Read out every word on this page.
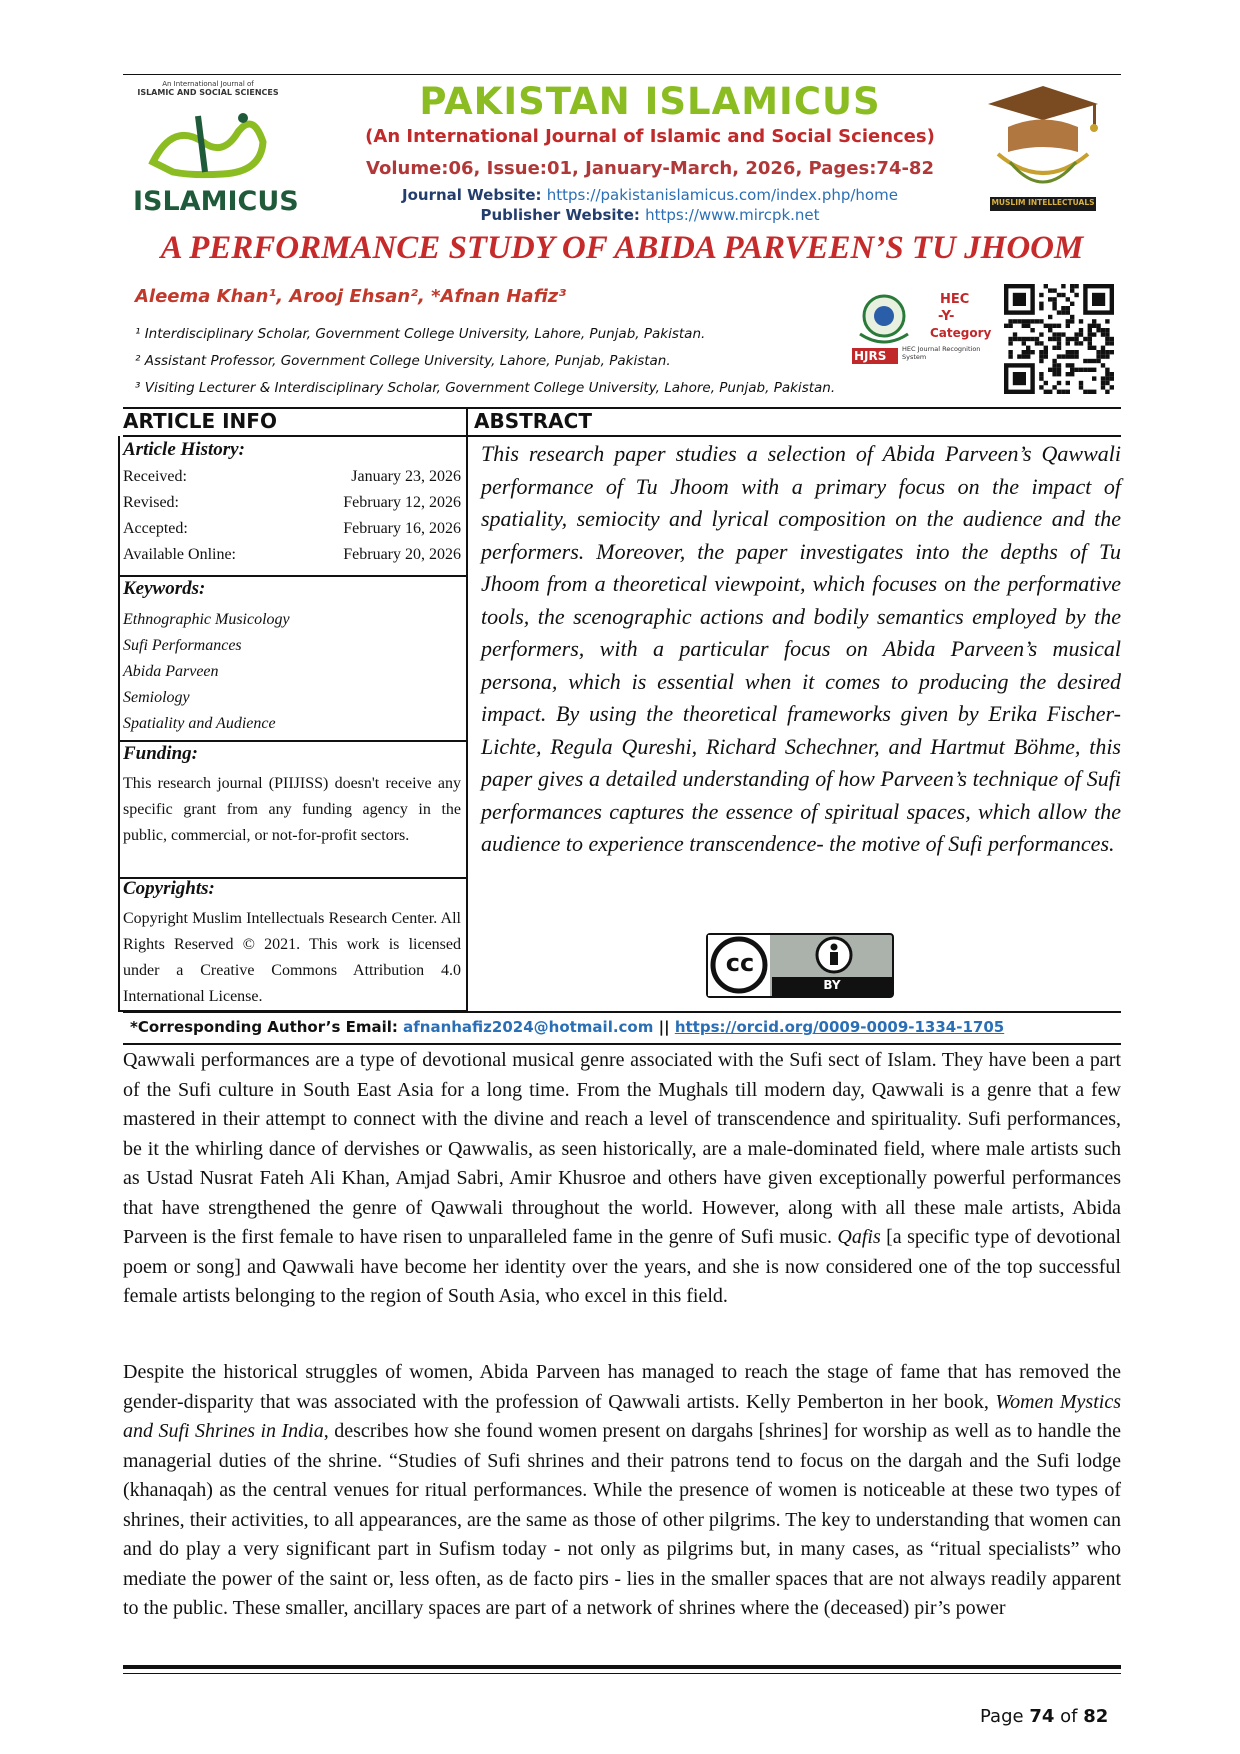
An International Journal of
ISLAMIC AND SOCIAL SCIENCES
ISLAMICUS
PAKISTAN ISLAMICUS
(An International Journal of Islamic and Social Sciences)
Volume:06, Issue:01, January-March, 2026, Pages:74-82
Journal Website: https://pakistanislamicus.com/index.php/home
Publisher Website: https://www.mircpk.net
MUSLIM INTELLECTUALS
A PERFORMANCE STUDY OF ABIDA PARVEEN’S TU JHOOM
Aleema Khan¹, Arooj Ehsan², *Afnan Hafiz³
¹ Interdisciplinary Scholar, Government College University, Lahore, Punjab, Pakistan.
² Assistant Professor, Government College University, Lahore, Punjab, Pakistan.
³ Visiting Lecturer & Interdisciplinary Scholar, Government College University, Lahore, Punjab, Pakistan.
HEC
-Y-
Category
HJRS HEC Journal Recognition System
ARTICLE INFO	ABSTRACT
Article History:
Received:	January 23, 2026
Revised:	February 12, 2026
Accepted:	February 16, 2026
Available Online:	February 20, 2026
Keywords:
Ethnographic Musicology
Sufi Performances
Abida Parveen
Semiology
Spatiality and Audience
Funding:
This research journal (PIIJISS) doesn't receive any specific grant from any funding agency in the public, commercial, or not-for-profit sectors.
Copyrights:
Copyright Muslim Intellectuals Research Center. All Rights Reserved © 2021. This work is licensed under a Creative Commons Attribution 4.0 International License.
This research paper studies a selection of Abida Parveen’s Qawwali performance of Tu Jhoom with a primary focus on the impact of spatiality, semiocity and lyrical composition on the audience and the performers. Moreover, the paper investigates into the depths of Tu Jhoom from a theoretical viewpoint, which focuses on the performative tools, the scenographic actions and bodily semantics employed by the performers, with a particular focus on Abida Parveen’s musical persona, which is essential when it comes to producing the desired impact. By using the theoretical frameworks given by Erika Fischer-Lichte, Regula Qureshi, Richard Schechner, and Hartmut Böhme, this paper gives a detailed understanding of how Parveen’s technique of Sufi performances captures the essence of spiritual spaces, which allow the audience to experience transcendence- the motive of Sufi performances.
cc
BY
*Corresponding Author’s Email: afnanhafiz2024@hotmail.com || https://orcid.org/0009-0009-1334-1705
Qawwali performances are a type of devotional musical genre associated with the Sufi sect of Islam. They have been a part of the Sufi culture in South East Asia for a long time. From the Mughals till modern day, Qawwali is a genre that a few mastered in their attempt to connect with the divine and reach a level of transcendence and spirituality. Sufi performances, be it the whirling dance of dervishes or Qawwalis, as seen historically, are a male-dominated field, where male artists such as Ustad Nusrat Fateh Ali Khan, Amjad Sabri, Amir Khusroe and others have given exceptionally powerful performances that have strengthened the genre of Qawwali throughout the world. However, along with all these male artists, Abida Parveen is the first female to have risen to unparalleled fame in the genre of Sufi music. Qafis [a specific type of devotional poem or song] and Qawwali have become her identity over the years, and she is now considered one of the top successful female artists belonging to the region of South Asia, who excel in this field.
Despite the historical struggles of women, Abida Parveen has managed to reach the stage of fame that has removed the gender-disparity that was associated with the profession of Qawwali artists. Kelly Pemberton in her book, Women Mystics and Sufi Shrines in India, describes how she found women present on dargahs [shrines] for worship as well as to handle the managerial duties of the shrine. “Studies of Sufi shrines and their patrons tend to focus on the dargah and the Sufi lodge (khanaqah) as the central venues for ritual performances. While the presence of women is noticeable at these two types of shrines, their activities, to all appearances, are the same as those of other pilgrims. The key to understanding that women can and do play a very significant part in Sufism today - not only as pilgrims but, in many cases, as “ritual specialists” who mediate the power of the saint or, less often, as de facto pirs - lies in the smaller spaces that are not always readily apparent to the public. These smaller, ancillary spaces are part of a network of shrines where the (deceased) pir’s power
Page 74 of 82
